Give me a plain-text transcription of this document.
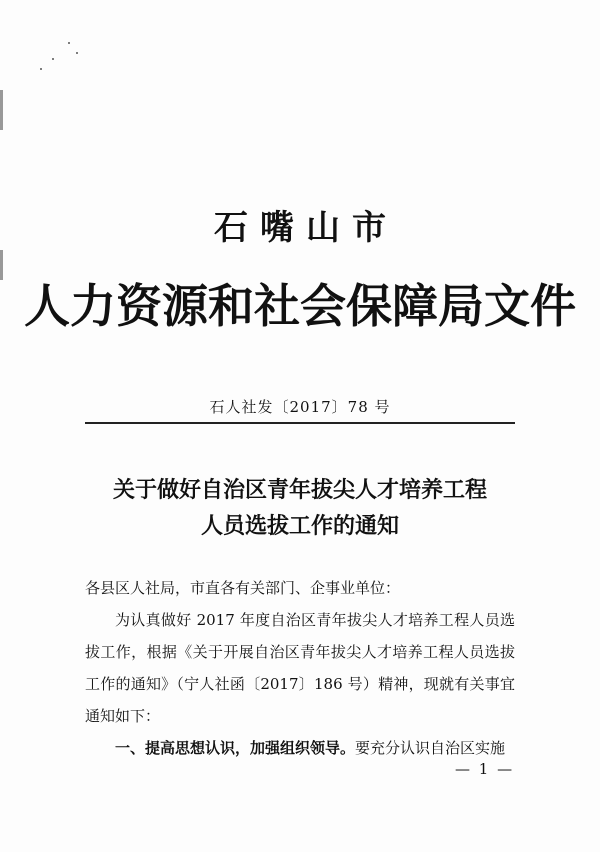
石嘴山市
人力资源和社会保障局文件
石人社发〔2017〕78 号
关于做好自治区青年拔尖人才培养工程
人员选拔工作的通知

各县区人社局，市直各有关部门、企事业单位：

为认真做好 2017 年度自治区青年拔尖人才培养工程人员选拔工作，根据《关于开展自治区青年拔尖人才培养工程人员选拔工作的通知》（宁人社函〔2017〕186 号）精神，现就有关事宜通知如下：

一、提高思想认识，加强组织领导。要充分认识自治区实施

— 1 —
